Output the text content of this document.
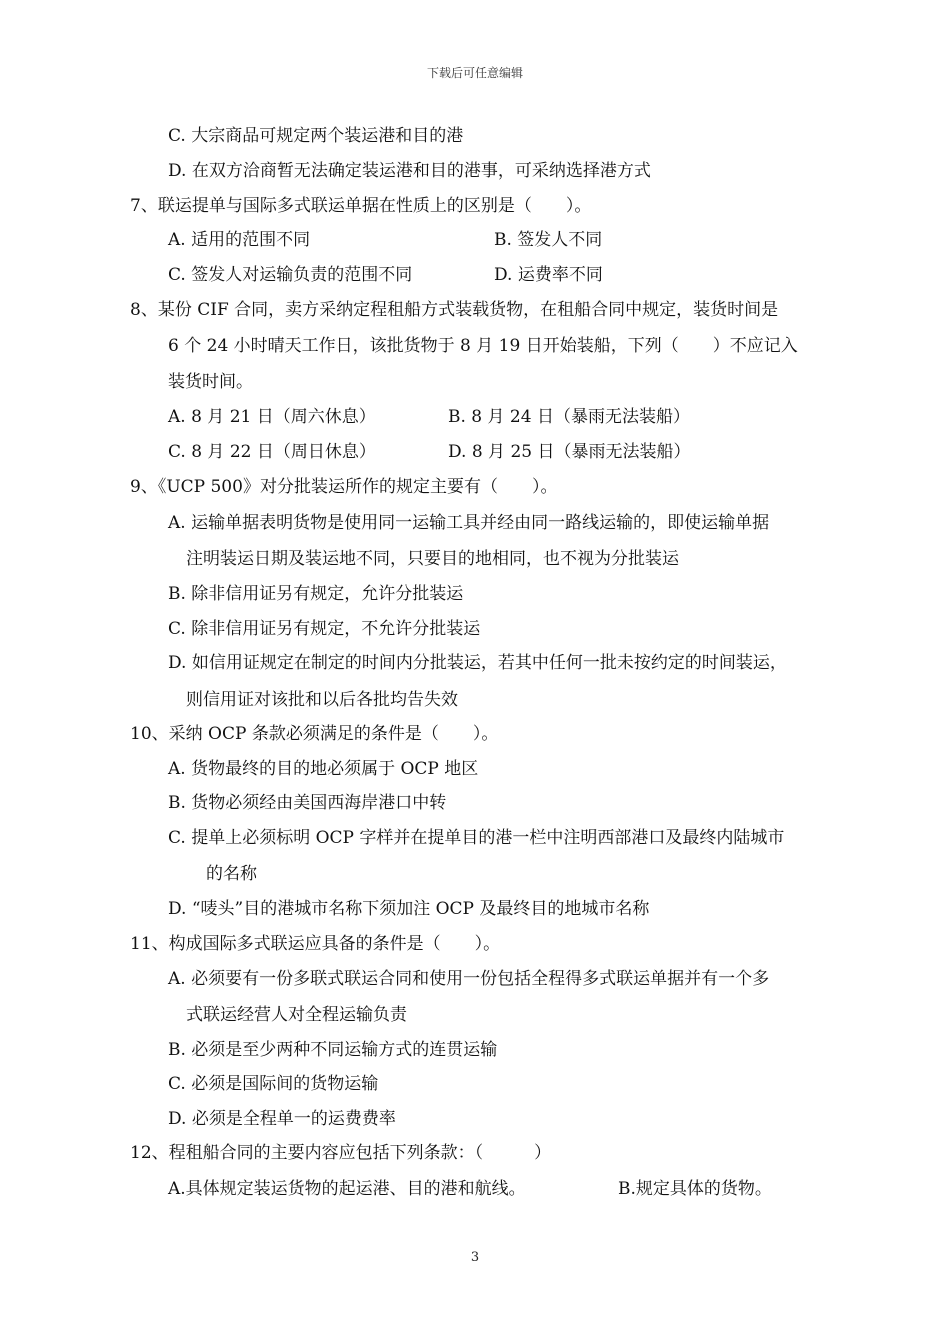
下载后可任意编辑
C. 大宗商品可规定两个装运港和目的港
D. 在双方洽商暂无法确定装运港和目的港事，可采纳选择港方式
7、联运提单与国际多式联运单据在性质上的区别是（　　）。
A. 适用的范围不同	B. 签发人不同
C. 签发人对运输负责的范围不同	D. 运费率不同
8、某份 CIF 合同，卖方采纳定程租船方式装载货物，在租船合同中规定，装货时间是
6 个 24 小时晴天工作日，该批货物于 8 月 19 日开始装船，下列（　　）不应记入
装货时间。
A. 8 月 21 日（周六休息）	B. 8 月 24 日（暴雨无法装船）
C. 8 月 22 日（周日休息）	D. 8 月 25 日（暴雨无法装船）
9、《UCP 500》对分批装运所作的规定主要有（　　）。
A. 运输单据表明货物是使用同一运输工具并经由同一路线运输的，即使运输单据
注明装运日期及装运地不同，只要目的地相同，也不视为分批装运
B. 除非信用证另有规定，允许分批装运
C. 除非信用证另有规定，不允许分批装运
D. 如信用证规定在制定的时间内分批装运，若其中任何一批未按约定的时间装运，
则信用证对该批和以后各批均告失效
10、采纳 OCP 条款必须满足的条件是（　　）。
A. 货物最终的目的地必须属于 OCP 地区
B. 货物必须经由美国西海岸港口中转
C. 提单上必须标明 OCP 字样并在提单目的港一栏中注明西部港口及最终内陆城市
的名称
D. “唛头”目的港城市名称下须加注 OCP 及最终目的地城市名称
11、构成国际多式联运应具备的条件是（　　）。
A. 必须要有一份多联式联运合同和使用一份包括全程得多式联运单据并有一个多
式联运经营人对全程运输负责
B. 必须是至少两种不同运输方式的连贯运输
C. 必须是国际间的货物运输
D. 必须是全程单一的运费费率
12、程租船合同的主要内容应包括下列条款：（　　　）
A.具体规定装运货物的起运港、目的港和航线。	B.规定具体的货物。
3
